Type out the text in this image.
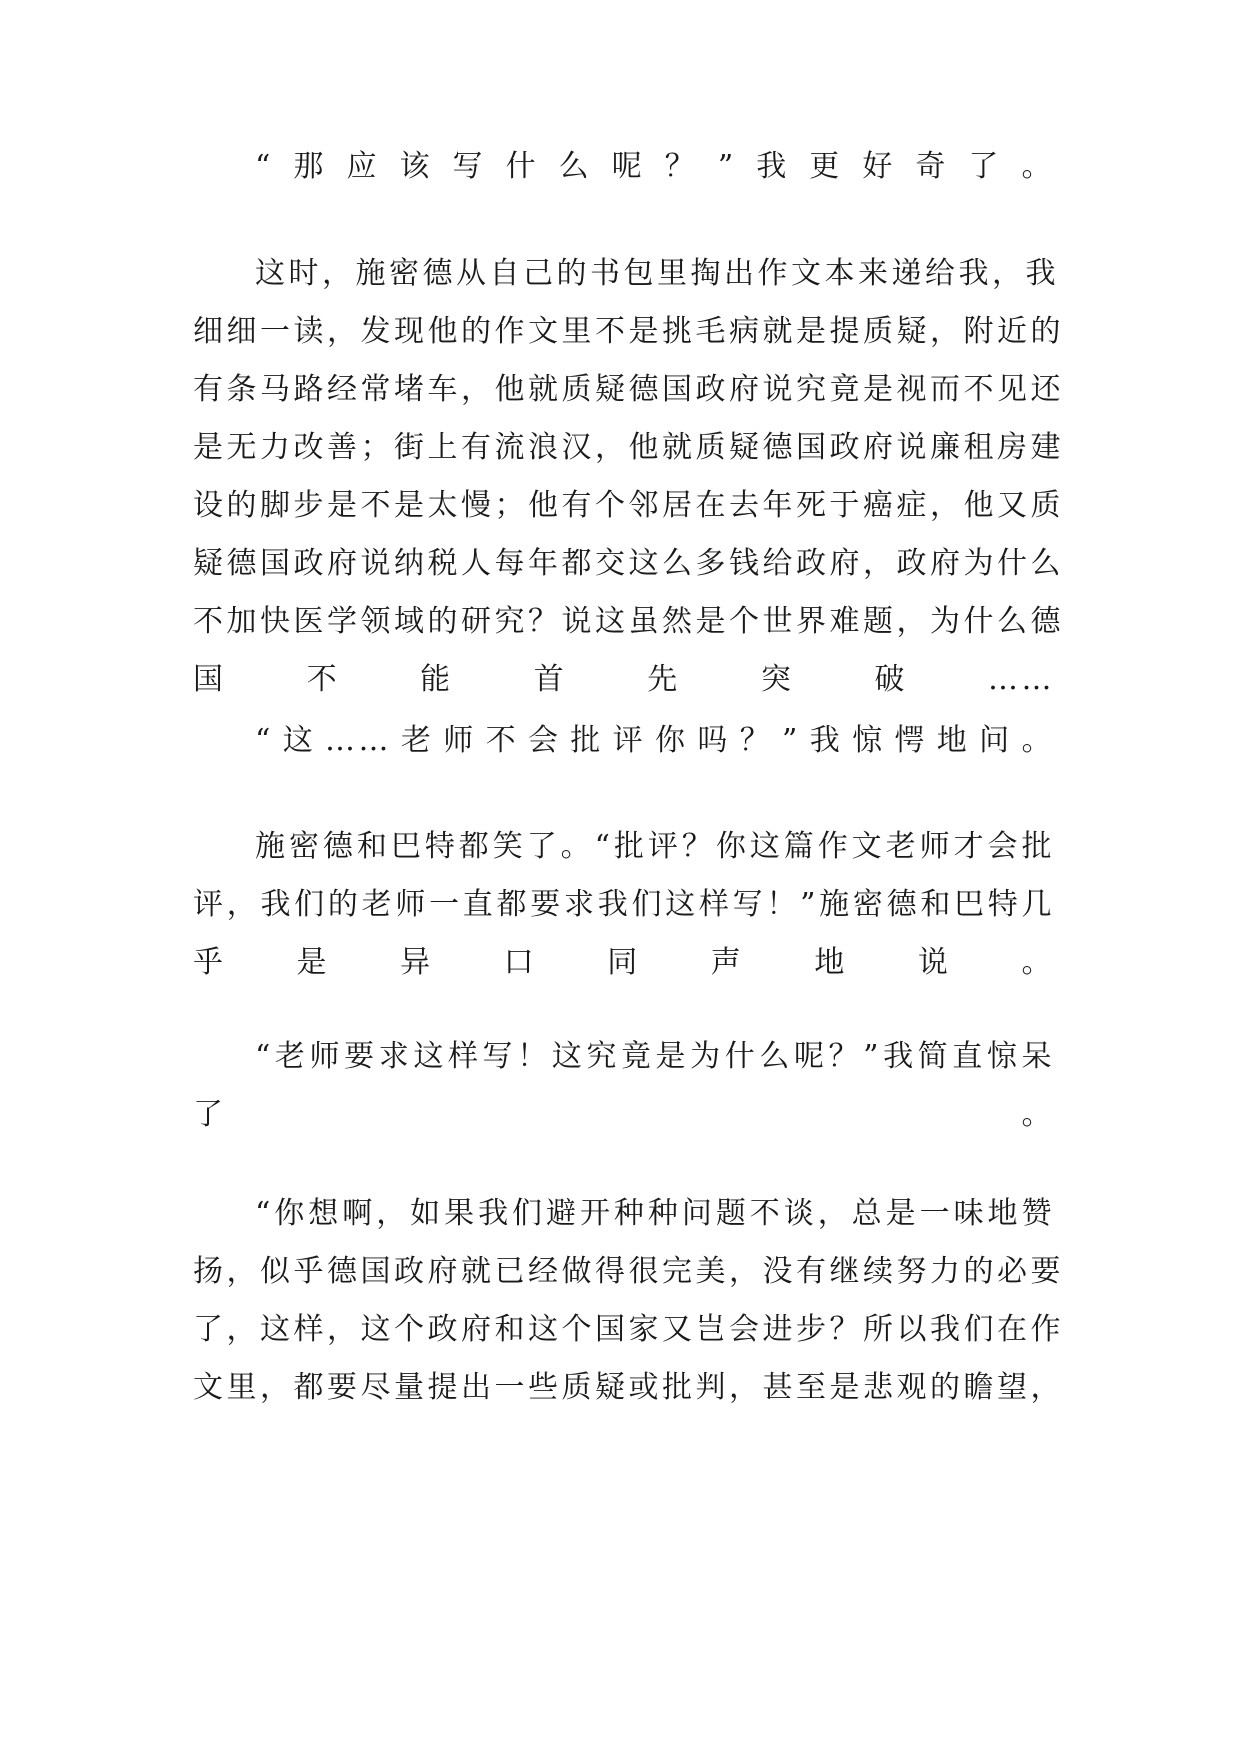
“那应该写什么呢？”我更好奇了。
这时，施密德从自己的书包里掏出作文本来递给我，我
细细一读，发现他的作文里不是挑毛病就是提质疑，附近的
有条马路经常堵车，他就质疑德国政府说究竟是视而不见还
是无力改善；街上有流浪汉，他就质疑德国政府说廉租房建
设的脚步是不是太慢；他有个邻居在去年死于癌症，他又质
疑德国政府说纳税人每年都交这么多钱给政府，政府为什么
不加快医学领域的研究？说这虽然是个世界难题，为什么德
国不能首先突破……
“这……老师不会批评你吗？”我惊愕地问。
施密德和巴特都笑了。“批评？你这篇作文老师才会批
评，我们的老师一直都要求我们这样写！”施密德和巴特几
乎是异口同声地说。
“老师要求这样写！这究竟是为什么呢？”我简直惊呆
了。
“你想啊，如果我们避开种种问题不谈，总是一味地赞
扬，似乎德国政府就已经做得很完美，没有继续努力的必要
了，这样，这个政府和这个国家又岂会进步？所以我们在作
文里，都要尽量提出一些质疑或批判，甚至是悲观的瞻望，
